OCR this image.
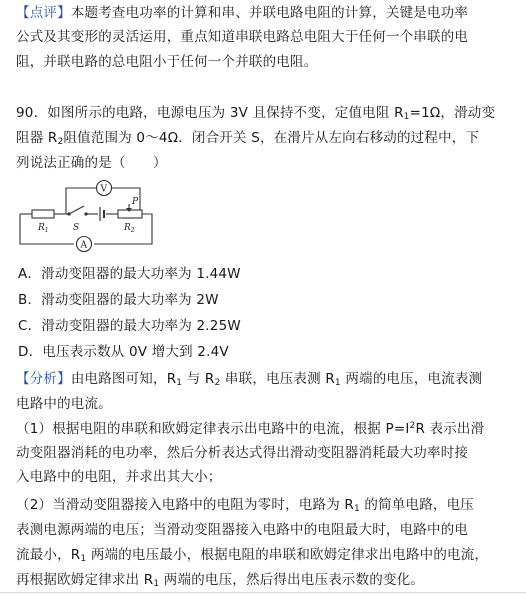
【点评】本题考查电功率的计算和串、并联电路电阻的计算，关键是电功率
公式及其变形的灵活运用，重点知道串联电路总电阻大于任何一个串联的电
阻，并联电路的总电阻小于任何一个并联的电阻。
90．如图所示的电路，电源电压为 3V 且保持不变，定值电阻 $R_1=1\Omega$，滑动变
阻器 $R_2$阻值范围为 0～4Ω．闭合开关 S，在滑片从左向右移动的过程中，下
列说法正确的是（　　）
V
A
$R_1$	S	$R_2$
P
A．滑动变阻器的最大功率为 1.44W
B．滑动变阻器的最大功率为 2W
C．滑动变阻器的最大功率为 2.25W
D．电压表示数从 0V 增大到 2.4V
【分析】由电路图可知，$R_1$ 与 $R_2$ 串联，电压表测 $R_1$ 两端的电压，电流表测
电路中的电流。
（1）根据电阻的串联和欧姆定律表示出电路中的电流，根据 $P=I^2R$ 表示出滑
动变阻器消耗的电功率，然后分析表达式得出滑动变阻器消耗最大功率时接
入电路中的电阻，并求出其大小；
（2）当滑动变阻器接入电路中的电阻为零时，电路为 $R_1$ 的简单电路，电压
表测电源两端的电压；当滑动变阻器接入电路中的电阻最大时，电路中的电
流最小，$R_1$ 两端的电压最小，根据电阻的串联和欧姆定律求出电路中的电流，
再根据欧姆定律求出 $R_1$ 两端的电压，然后得出电压表示数的变化。
